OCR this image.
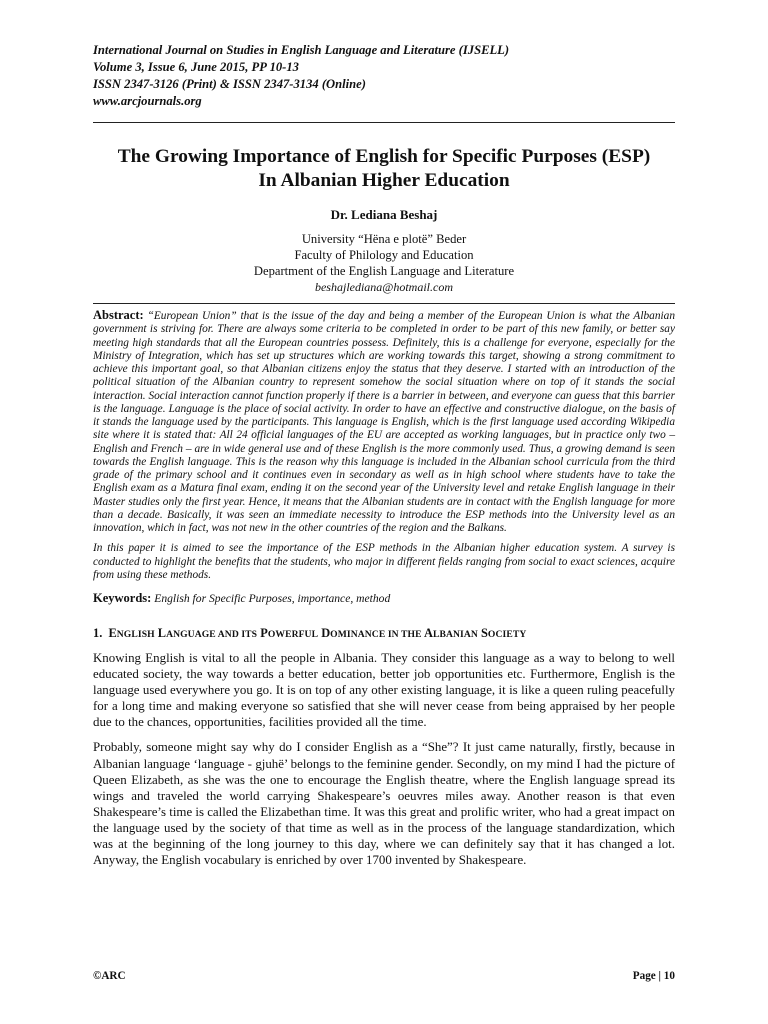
International Journal on Studies in English Language and Literature (IJSELL)

Volume 3, Issue 6, June 2015, PP 10-13

ISSN 2347-3126 (Print) & ISSN 2347-3134 (Online)

www.arcjournals.org

The Growing Importance of English for Specific Purposes (ESP)
In Albanian Higher Education
Dr. Lediana Beshaj
University “Hëna e plotë” Beder
Faculty of Philology and Education
Department of the English Language and Literature
beshajlediana@hotmail.com

Abstract: “European Union” that is the issue of the day and being a member of the European Union is what the Albanian government is striving for. There are always some criteria to be completed in order to be part of this new family, or better say meeting high standards that all the European countries possess. Definitely, this is a challenge for everyone, especially for the Ministry of Integration, which has set up structures which are working towards this target, showing a strong commitment to achieve this important goal, so that Albanian citizens enjoy the status that they deserve. I started with an introduction of the political situation of the Albanian country to represent somehow the social situation where on top of it stands the social interaction. Social interaction cannot function properly if there is a barrier in between, and everyone can guess that this barrier is the language. Language is the place of social activity. In order to have an effective and constructive dialogue, on the basis of it stands the language used by the participants. This language is English, which is the first language used according Wikipedia site where it is stated that: All 24 official languages of the EU are accepted as working languages, but in practice only two – English and French – are in wide general use and of these English is the more commonly used. Thus, a growing demand is seen towards the English language. This is the reason why this language is included in the Albanian school curricula from the third grade of the primary school and it continues even in secondary as well as in high school where students have to take the English exam as a Matura final exam, ending it on the second year of the University level and retake English language in their Master studies only the first year. Hence, it means that the Albanian students are in contact with the English language for more than a decade. Basically, it was seen an immediate necessity to introduce the ESP methods into the University level as an innovation, which in fact, was not new in the other countries of the region and the Balkans.

In this paper it is aimed to see the importance of the ESP methods in the Albanian higher education system. A survey is conducted to highlight the benefits that the students, who major in different fields ranging from social to exact sciences, acquire from using these methods.

Keywords: English for Specific Purposes, importance, method

1. ENGLISH LANGUAGE AND ITS POWERFUL DOMINANCE IN THE ALBANIAN SOCIETY

Knowing English is vital to all the people in Albania. They consider this language as a way to belong to well educated society, the way towards a better education, better job opportunities etc. Furthermore, English is the language used everywhere you go. It is on top of any other existing language, it is like a queen ruling peacefully for a long time and making everyone so satisfied that she will never cease from being appraised by her people due to the chances, opportunities, facilities provided all the time.

Probably, someone might say why do I consider English as a “She”? It just came naturally, firstly, because in Albanian language ‘language - gjuhë’ belongs to the feminine gender. Secondly, on my mind I had the picture of Queen Elizabeth, as she was the one to encourage the English theatre, where the English language spread its wings and traveled the world carrying Shakespeare’s oeuvres miles away. Another reason is that even Shakespeare’s time is called the Elizabethan time. It was this great and prolific writer, who had a great impact on the language used by the society of that time as well as in the process of the language standardization, which was at the beginning of the long journey to this day, where we can definitely say that it has changed a lot. Anyway, the English vocabulary is enriched by over 1700 invented by Shakespeare.

©ARC	Page | 10
